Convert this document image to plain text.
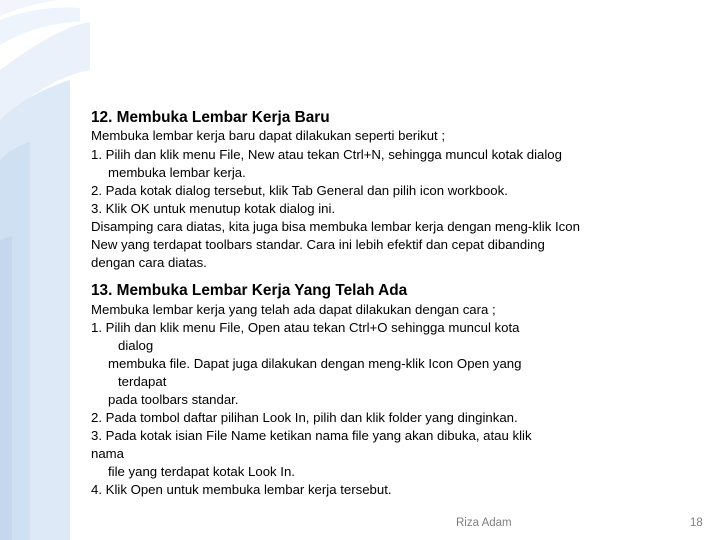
12. Membuka Lembar Kerja Baru
Membuka lembar kerja baru dapat dilakukan seperti berikut ;
1. Pilih dan klik menu File, New atau tekan Ctrl+N, sehingga muncul kotak dialog
membuka lembar kerja.
2. Pada kotak dialog tersebut, klik Tab General dan pilih icon workbook.
3. Klik OK untuk menutup kotak dialog ini.
Disamping cara diatas, kita juga bisa membuka lembar kerja dengan meng-klik Icon
New yang terdapat toolbars standar. Cara ini lebih efektif dan cepat dibanding
dengan cara diatas.
13. Membuka Lembar Kerja Yang Telah Ada
Membuka lembar kerja yang telah ada dapat dilakukan dengan cara ;
1. Pilih dan klik menu File, Open atau tekan Ctrl+O sehingga muncul kota
dialog
membuka file. Dapat juga dilakukan dengan meng-klik Icon Open yang
terdapat
pada toolbars standar.
2. Pada tombol daftar pilihan Look In, pilih dan klik folder yang dinginkan.
3. Pada kotak isian File Name ketikan nama file yang akan dibuka, atau klik
nama
file yang terdapat kotak Look In.
4. Klik Open untuk membuka lembar kerja tersebut.
Riza Adam	18
